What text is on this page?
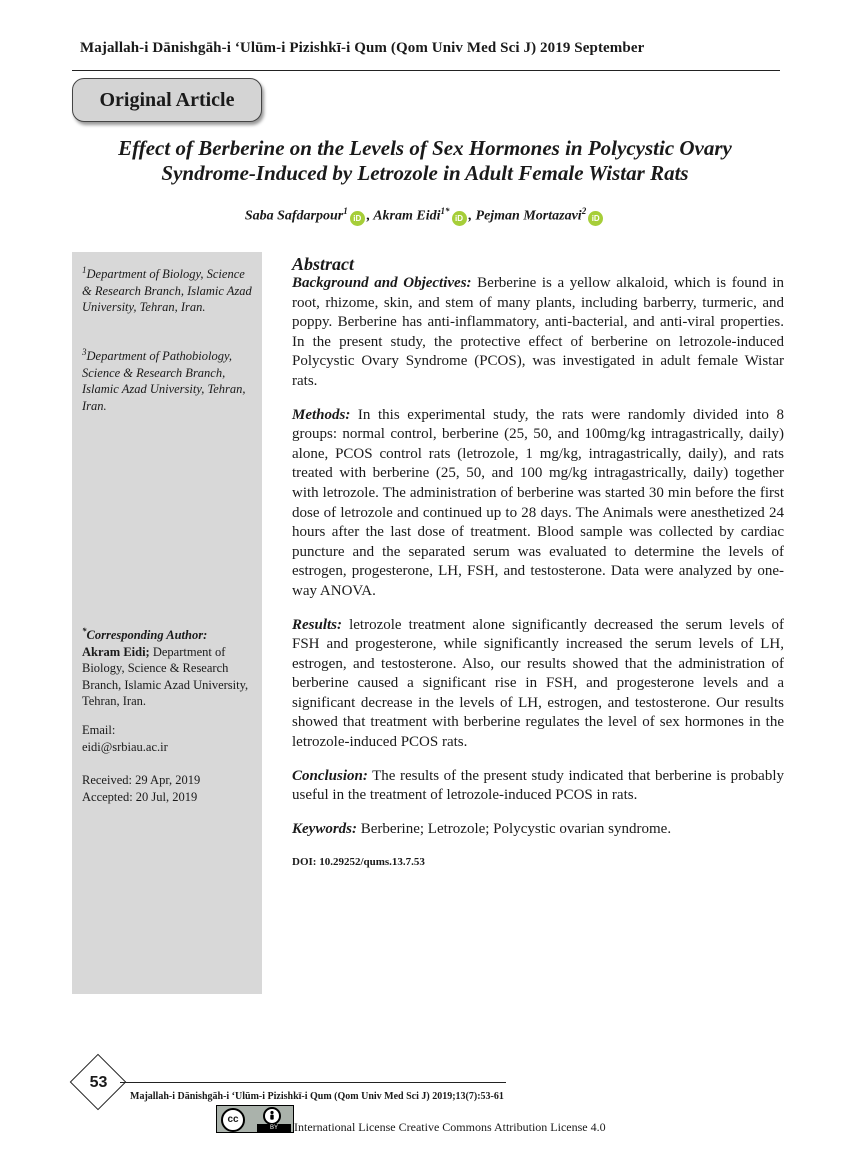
Majallah-i Dānishgāh-i ʻUlūm-i Pizishkī-i Qum (Qom Univ Med Sci J) 2019 September
Original Article
Effect of Berberine on the Levels of Sex Hormones in Polycystic Ovary
Syndrome-Induced by Letrozole in Adult Female Wistar Rats
Saba Safdarpour$^1$iD , Akram Eidi$^{1*}$iD , Pejman Mortazavi$^2$iD
$^1$Department of Biology, Science & Research Branch, Islamic Azad University, Tehran, Iran.
$^3$Department of Pathobiology, Science & Research Branch, Islamic Azad University, Tehran, Iran.

*Corresponding Author:

Akram Eidi; Department of Biology, Science & Research Branch, Islamic Azad University, Tehran, Iran.

Email:

eidi@srbiau.ac.ir

Received: 29 Apr, 2019

Accepted: 20 Jul, 2019

Abstract

Background and Objectives: Berberine is a yellow alkaloid, which is found in root, rhizome, skin, and stem of many plants, including barberry, turmeric, and poppy. Berberine has anti-inflammatory, anti-bacterial, and anti-viral properties. In the present study, the protective effect of berberine on letrozole-induced Polycystic Ovary Syndrome (PCOS), was investigated in adult female Wistar rats.

Methods: In this experimental study, the rats were randomly divided into 8 groups: normal control, berberine (25, 50, and 100mg/kg intragastrically, daily) alone, PCOS control rats (letrozole, 1 mg/kg, intragastrically, daily), and rats treated with berberine (25, 50, and 100 mg/kg intragastrically, daily) together with letrozole. The administration of berberine was started 30 min before the first dose of letrozole and continued up to 28 days. The Animals were anesthetized 24 hours after the last dose of treatment. Blood sample was collected by cardiac puncture and the separated serum was evaluated to determine the levels of estrogen, progesterone, LH, FSH, and testosterone. Data were analyzed by one-way ANOVA.

Results: letrozole treatment alone significantly decreased the serum levels of FSH and progesterone, while significantly increased the serum levels of LH, estrogen, and testosterone. Also, our results showed that the administration of berberine caused a significant rise in FSH, and progesterone levels and a significant decrease in the levels of LH, estrogen, and testosterone. Our results showed that treatment with berberine regulates the level of sex hormones in the letrozole-induced PCOS rats.

Conclusion: The results of the present study indicated that berberine is probably useful in the treatment of letrozole-induced PCOS in rats.

Keywords: Berberine; Letrozole; Polycystic ovarian syndrome.

DOI: 10.29252/qums.13.7.53

53
Majallah-i Dānishgāh-i ʻUlūm-i Pizishkī-i Qum (Qom Univ Med Sci J) 2019;13(7):53-61
cc
BY	International License Creative Commons Attribution License 4.0
